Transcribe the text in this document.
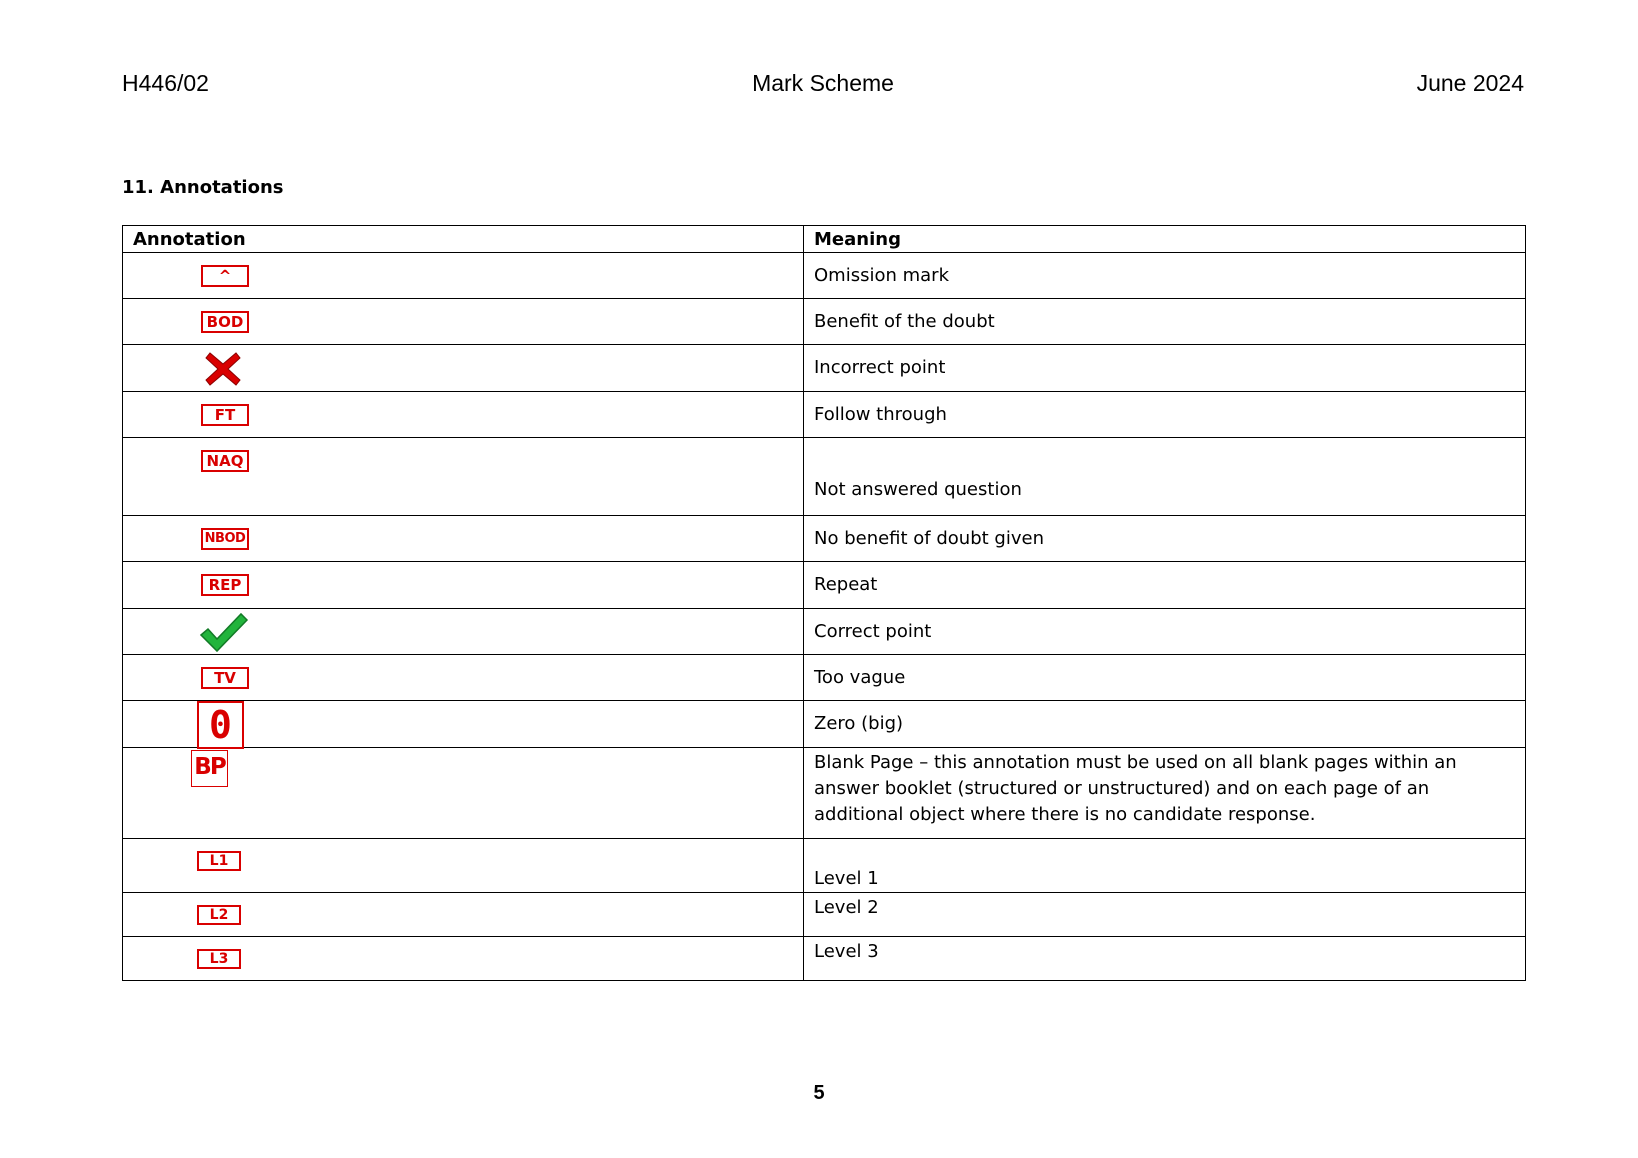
H446/02	Mark Scheme	June 2024
11. Annotations
Annotation	Meaning

^	Omission mark

BOD	Benefit of the doubt

	Incorrect point

FT	Follow through

NAQ	Not answered question

NBOD	No benefit of doubt given

REP	Repeat

	Correct point

TV	Too vague

0	Zero (big)

BP	Blank Page – this annotation must be used on all blank pages within an answer booklet (structured or unstructured) and on each page of an additional object where there is no candidate response.

L1	Level 1

L2	Level 2

L3	Level 3
5
